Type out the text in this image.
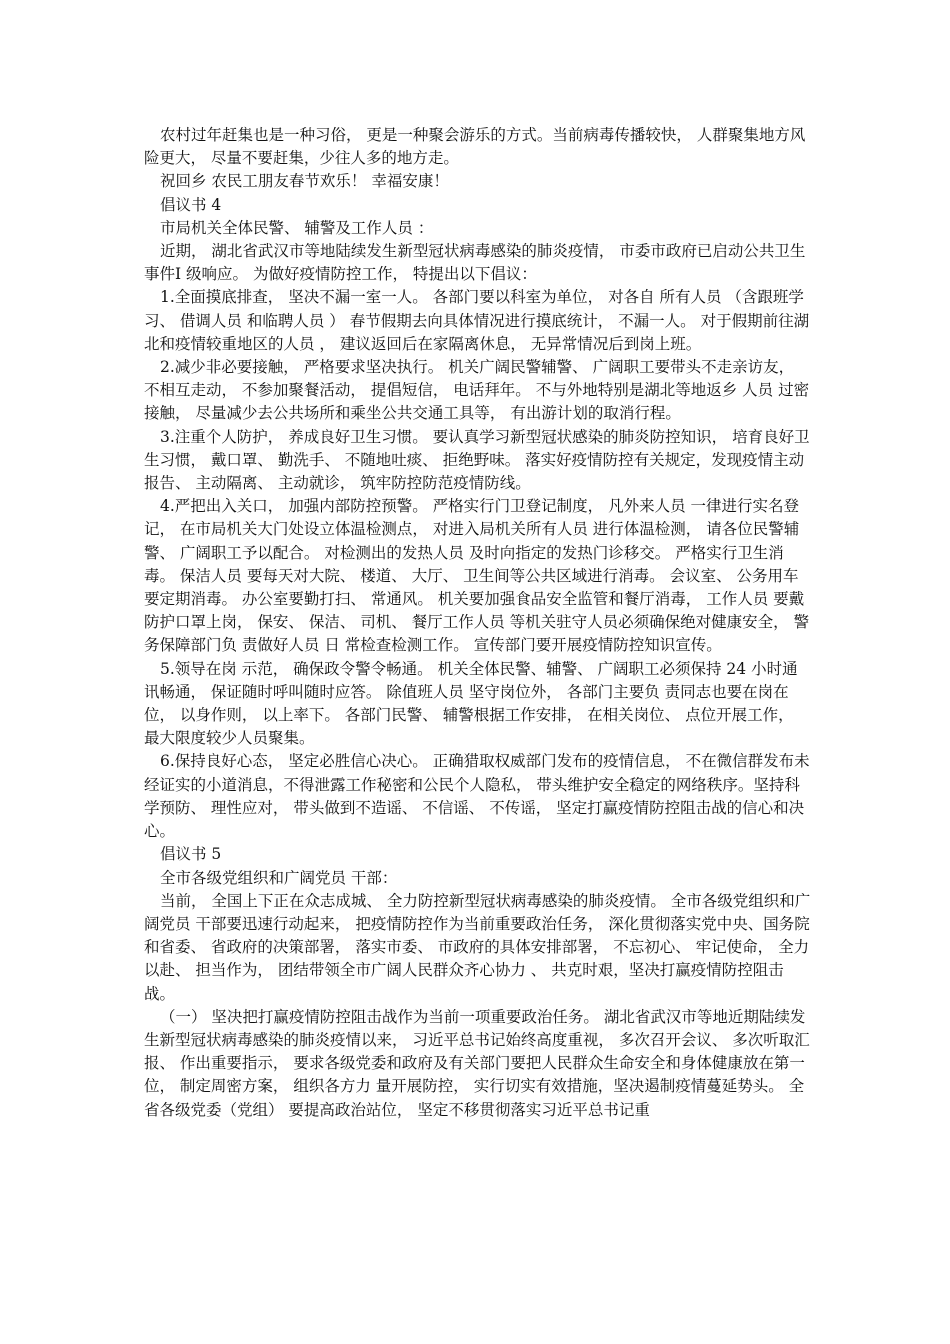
农村过年赶集也是一种习俗， 更是一种聚会游乐的方式。当前病毒传播较快， 人群聚集地方风险更大， 尽量不要赶集，少往人多的地方走。

祝回乡 农民工朋友春节欢乐！ 幸福安康！

倡议书 4

市局机关全体民警、 辅警及工作人员 ：

近期， 湖北省武汉市等地陆续发生新型冠状病毒感染的肺炎疫情， 市委市政府已启动公共卫生事件Ⅰ 级响应。 为做好疫情防控工作， 特提出以下倡议：

1.全面摸底排查， 坚决不漏一室一人。 各部门要以科室为单位， 对各自 所有人员 （含跟班学习、 借调人员 和临聘人员 ） 春节假期去向具体情况进行摸底统计， 不漏一人。 对于假期前往湖北和疫情较重地区的人员 ， 建议返回后在家隔离休息， 无异常情况后到岗上班。

2.减少非必要接触， 严格要求坚决执行。 机关广阔民警辅警、 广阔职工要带头不走亲访友， 不相互走动， 不参加聚餐活动， 提倡短信， 电话拜年。 不与外地特别是湖北等地返乡 人员 过密接触， 尽量减少去公共场所和乘坐公共交通工具等， 有出游计划的取消行程。

3.注重个人防护， 养成良好卫生习惯。 要认真学习新型冠状感染的肺炎防控知识， 培育良好卫生习惯， 戴口罩、 勤洗手、 不随地吐痰、 拒绝野味。 落实好疫情防控有关规定，发现疫情主动报告、 主动隔离、 主动就诊， 筑牢防控防范疫情防线。

4.严把出入关口， 加强内部防控预警。 严格实行门卫登记制度， 凡外来人员 一律进行实名登记， 在市局机关大门处设立体温检测点， 对进入局机关所有人员 进行体温检测， 请各位民警辅警、 广阔职工予以配合。 对检测出的发热人员 及时向指定的发热门诊移交。 严格实行卫生消毒。 保洁人员 要每天对大院、 楼道、 大厅、 卫生间等公共区域进行消毒。 会议室、 公务用车要定期消毒。 办公室要勤打扫、 常通风。 机关要加强食品安全监管和餐厅消毒， 工作人员 要戴防护口罩上岗， 保安、 保洁、 司机、 餐厅工作人员 等机关驻守人员必须确保绝对健康安全， 警务保障部门负 责做好人员 日 常检查检测工作。 宣传部门要开展疫情防控知识宣传。

5.领导在岗 示范， 确保政令警令畅通。 机关全体民警、辅警、 广阔职工必须保持 24 小时通讯畅通， 保证随时呼叫随时应答。 除值班人员 坚守岗位外， 各部门主要负 责同志也要在岗在位， 以身作则， 以上率下。 各部门民警、 辅警根据工作安排， 在相关岗位、 点位开展工作， 最大限度较少人员聚集。

6.保持良好心态， 坚定必胜信心决心。 正确猎取权威部门发布的疫情信息， 不在微信群发布未经证实的小道消息，不得泄露工作秘密和公民个人隐私， 带头维护安全稳定的网络秩序。坚持科学预防、 理性应对， 带头做到不造谣、 不信谣、 不传谣， 坚定打赢疫情防控阻击战的信心和决心。

倡议书 5

全市各级党组织和广阔党员 干部：

当前， 全国上下正在众志成城、 全力防控新型冠状病毒感染的肺炎疫情。 全市各级党组织和广阔党员 干部要迅速行动起来， 把疫情防控作为当前重要政治任务， 深化贯彻落实党中央、国务院和省委、 省政府的决策部署， 落实市委、 市政府的具体安排部署， 不忘初心、 牢记使命， 全力以赴、 担当作为， 团结带领全市广阔人民群众齐心协力 、 共克时艰，坚决打赢疫情防控阻击战。

（一） 坚决把打赢疫情防控阻击战作为当前一项重要政治任务。 湖北省武汉市等地近期陆续发生新型冠状病毒感染的肺炎疫情以来， 习近平总书记始终高度重视， 多次召开会议、 多次听取汇报、 作出重要指示， 要求各级党委和政府及有关部门要把人民群众生命安全和身体健康放在第一位， 制定周密方案， 组织各方力 量开展防控， 实行切实有效措施，坚决遏制疫情蔓延势头。 全省各级党委（党组） 要提高政治站位， 坚定不移贯彻落实习近平总书记重
